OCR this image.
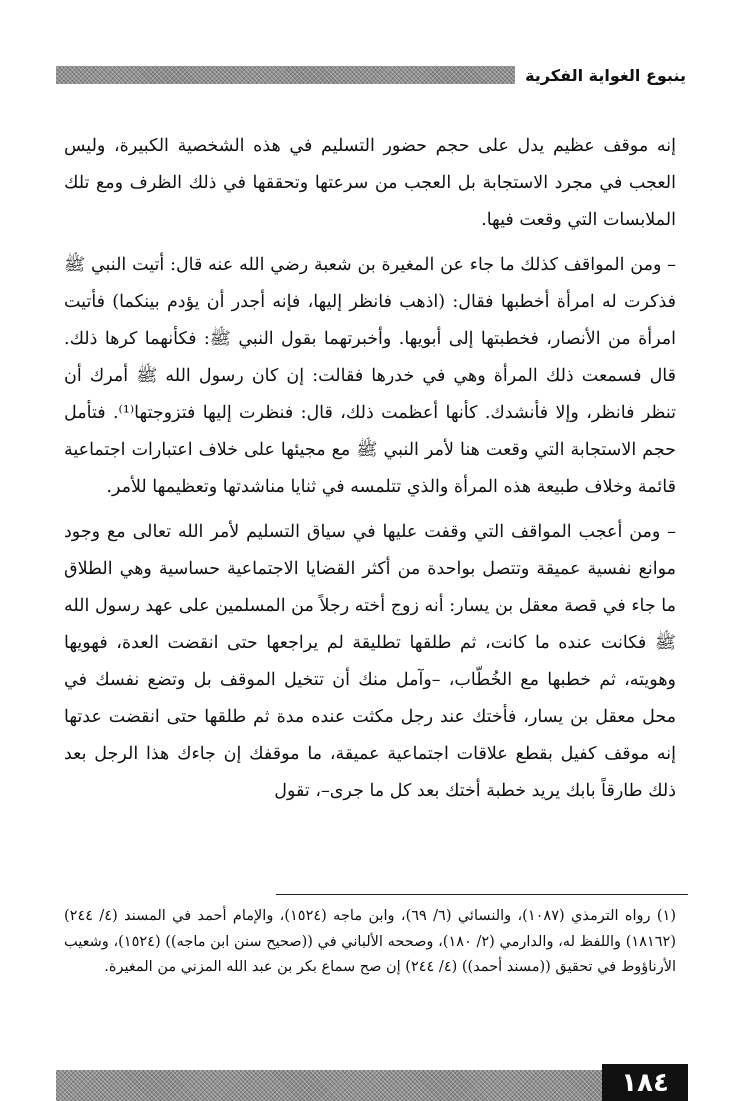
ينبوع الغواية الفكرية

إنه موقف عظيم يدل على حجم حضور التسليم في هذه الشخصية الكبيرة، وليس العجب في مجرد الاستجابة بل العجب من سرعتها وتحققها في ذلك الظرف ومع تلك الملابسات التي وقعت فيها.

– ومن المواقف كذلك ما جاء عن المغيرة بن شعبة رضي الله عنه قال: أتيت النبي ﷺ فذكرت له امرأة أخطبها فقال: (اذهب فانظر إليها، فإنه أجدر أن يؤدم بينكما) فأتيت امرأة من الأنصار، فخطبتها إلى أبويها. وأخبرتهما بقول النبي ﷺ: فكأنهما كرها ذلك. قال فسمعت ذلك المرأة وهي في خدرها فقالت: إن كان رسول الله ﷺ أمرك أن تنظر فانظر، وإلا فأنشدك. كأنها أعظمت ذلك، قال: فنظرت إليها فتزوجتها⁽¹⁾. فتأمل حجم الاستجابة التي وقعت هنا لأمر النبي ﷺ مع مجيئها على خلاف اعتبارات اجتماعية قائمة وخلاف طبيعة هذه المرأة والذي تتلمسه في ثنايا مناشدتها وتعظيمها للأمر.

– ومن أعجب المواقف التي وقفت عليها في سياق التسليم لأمر الله تعالى مع وجود موانع نفسية عميقة وتتصل بواحدة من أكثر القضايا الاجتماعية حساسية وهي الطلاق ما جاء في قصة معقل بن يسار: أنه زوج أخته رجلاً من المسلمين على عهد رسول الله ﷺ فكانت عنده ما كانت، ثم طلقها تطليقة لم يراجعها حتى انقضت العدة، فهويها وهويته، ثم خطبها مع الخُطّاب، –وآمل منك أن تتخيل الموقف بل وتضع نفسك في محل معقل بن يسار، فأختك عند رجل مكثت عنده مدة ثم طلقها حتى انقضت عدتها إنه موقف كفيل بقطع علاقات اجتماعية عميقة، ما موقفك إن جاءك هذا الرجل بعد ذلك طارقاً بابك يريد خطبة أختك بعد كل ما جرى–، تقول

(١) رواه الترمذي (١٠٨٧)، والنسائي (٦/ ٦٩)، وابن ماجه (١٥٢٤)، والإمام أحمد في المسند (٤/ ٢٤٤) (١٨١٦٢) واللفظ له، والدارمي (٢/ ١٨٠)، وصححه الألباني في ((صحيح سنن ابن ماجه)) (١٥٢٤)، وشعيب الأرناؤوط في تحقيق ((مسند أحمد)) (٤/ ٢٤٤) إن صح سماع بكر بن عبد الله المزني من المغيرة.

١٨٤
